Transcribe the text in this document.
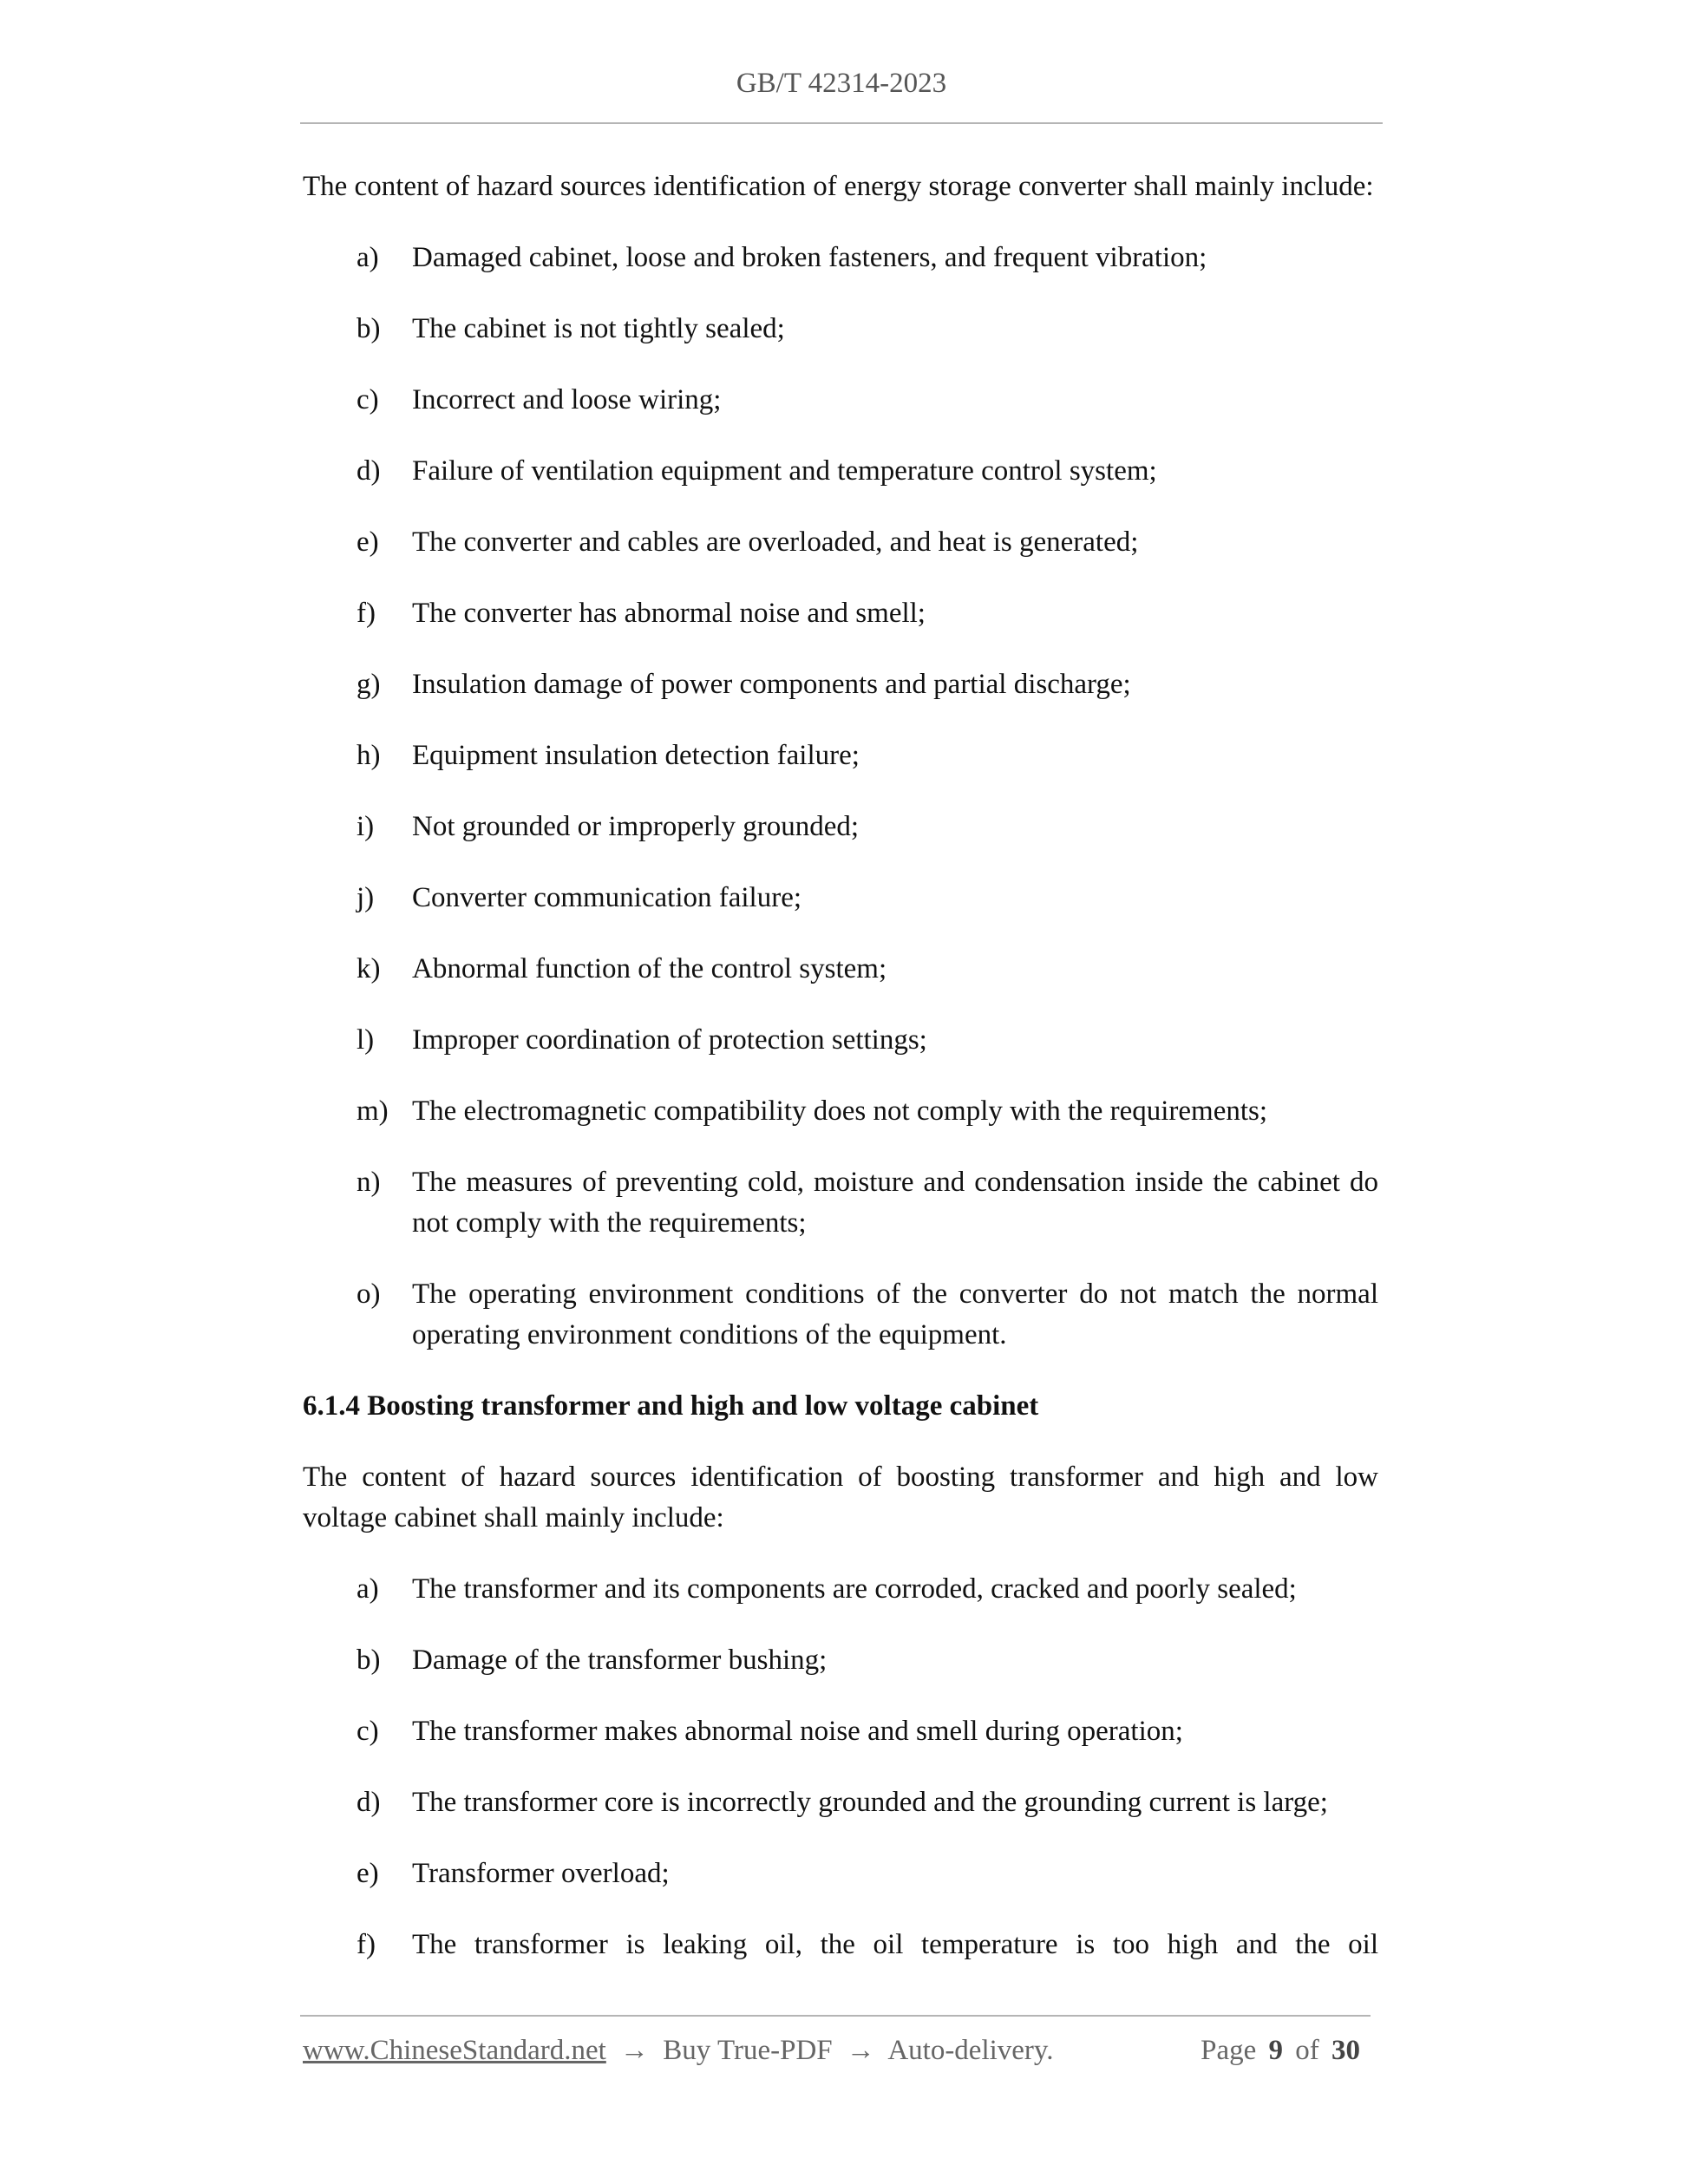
GB/T 42314-2023

The content of hazard sources identification of energy storage converter shall mainly include:

a)	Damaged cabinet, loose and broken fasteners, and frequent vibration;
b)	The cabinet is not tightly sealed;
c)	Incorrect and loose wiring;
d)	Failure of ventilation equipment and temperature control system;
e)	The converter and cables are overloaded, and heat is generated;
f)	The converter has abnormal noise and smell;
g)	Insulation damage of power components and partial discharge;
h)	Equipment insulation detection failure;
i)	Not grounded or improperly grounded;
j)	Converter communication failure;
k)	Abnormal function of the control system;
l)	Improper coordination of protection settings;
m) The electromagnetic compatibility does not comply with the requirements;
n)	The measures of preventing cold, moisture and condensation inside the cabinet do not comply with the requirements;
o)	The operating environment conditions of the converter do not match the normal operating environment conditions of the equipment.

6.1.4 Boosting transformer and high and low voltage cabinet

The content of hazard sources identification of boosting transformer and high and low voltage cabinet shall mainly include:

a)	The transformer and its components are corroded, cracked and poorly sealed;
b)	Damage of the transformer bushing;
c)	The transformer makes abnormal noise and smell during operation;
d)	The transformer core is incorrectly grounded and the grounding current is large;
e)	Transformer overload;
f)	The transformer is leaking oil, the oil temperature is too high and the oil
www.ChineseStandard.net → Buy True-PDF → Auto-delivery.	Page 9 of 30
